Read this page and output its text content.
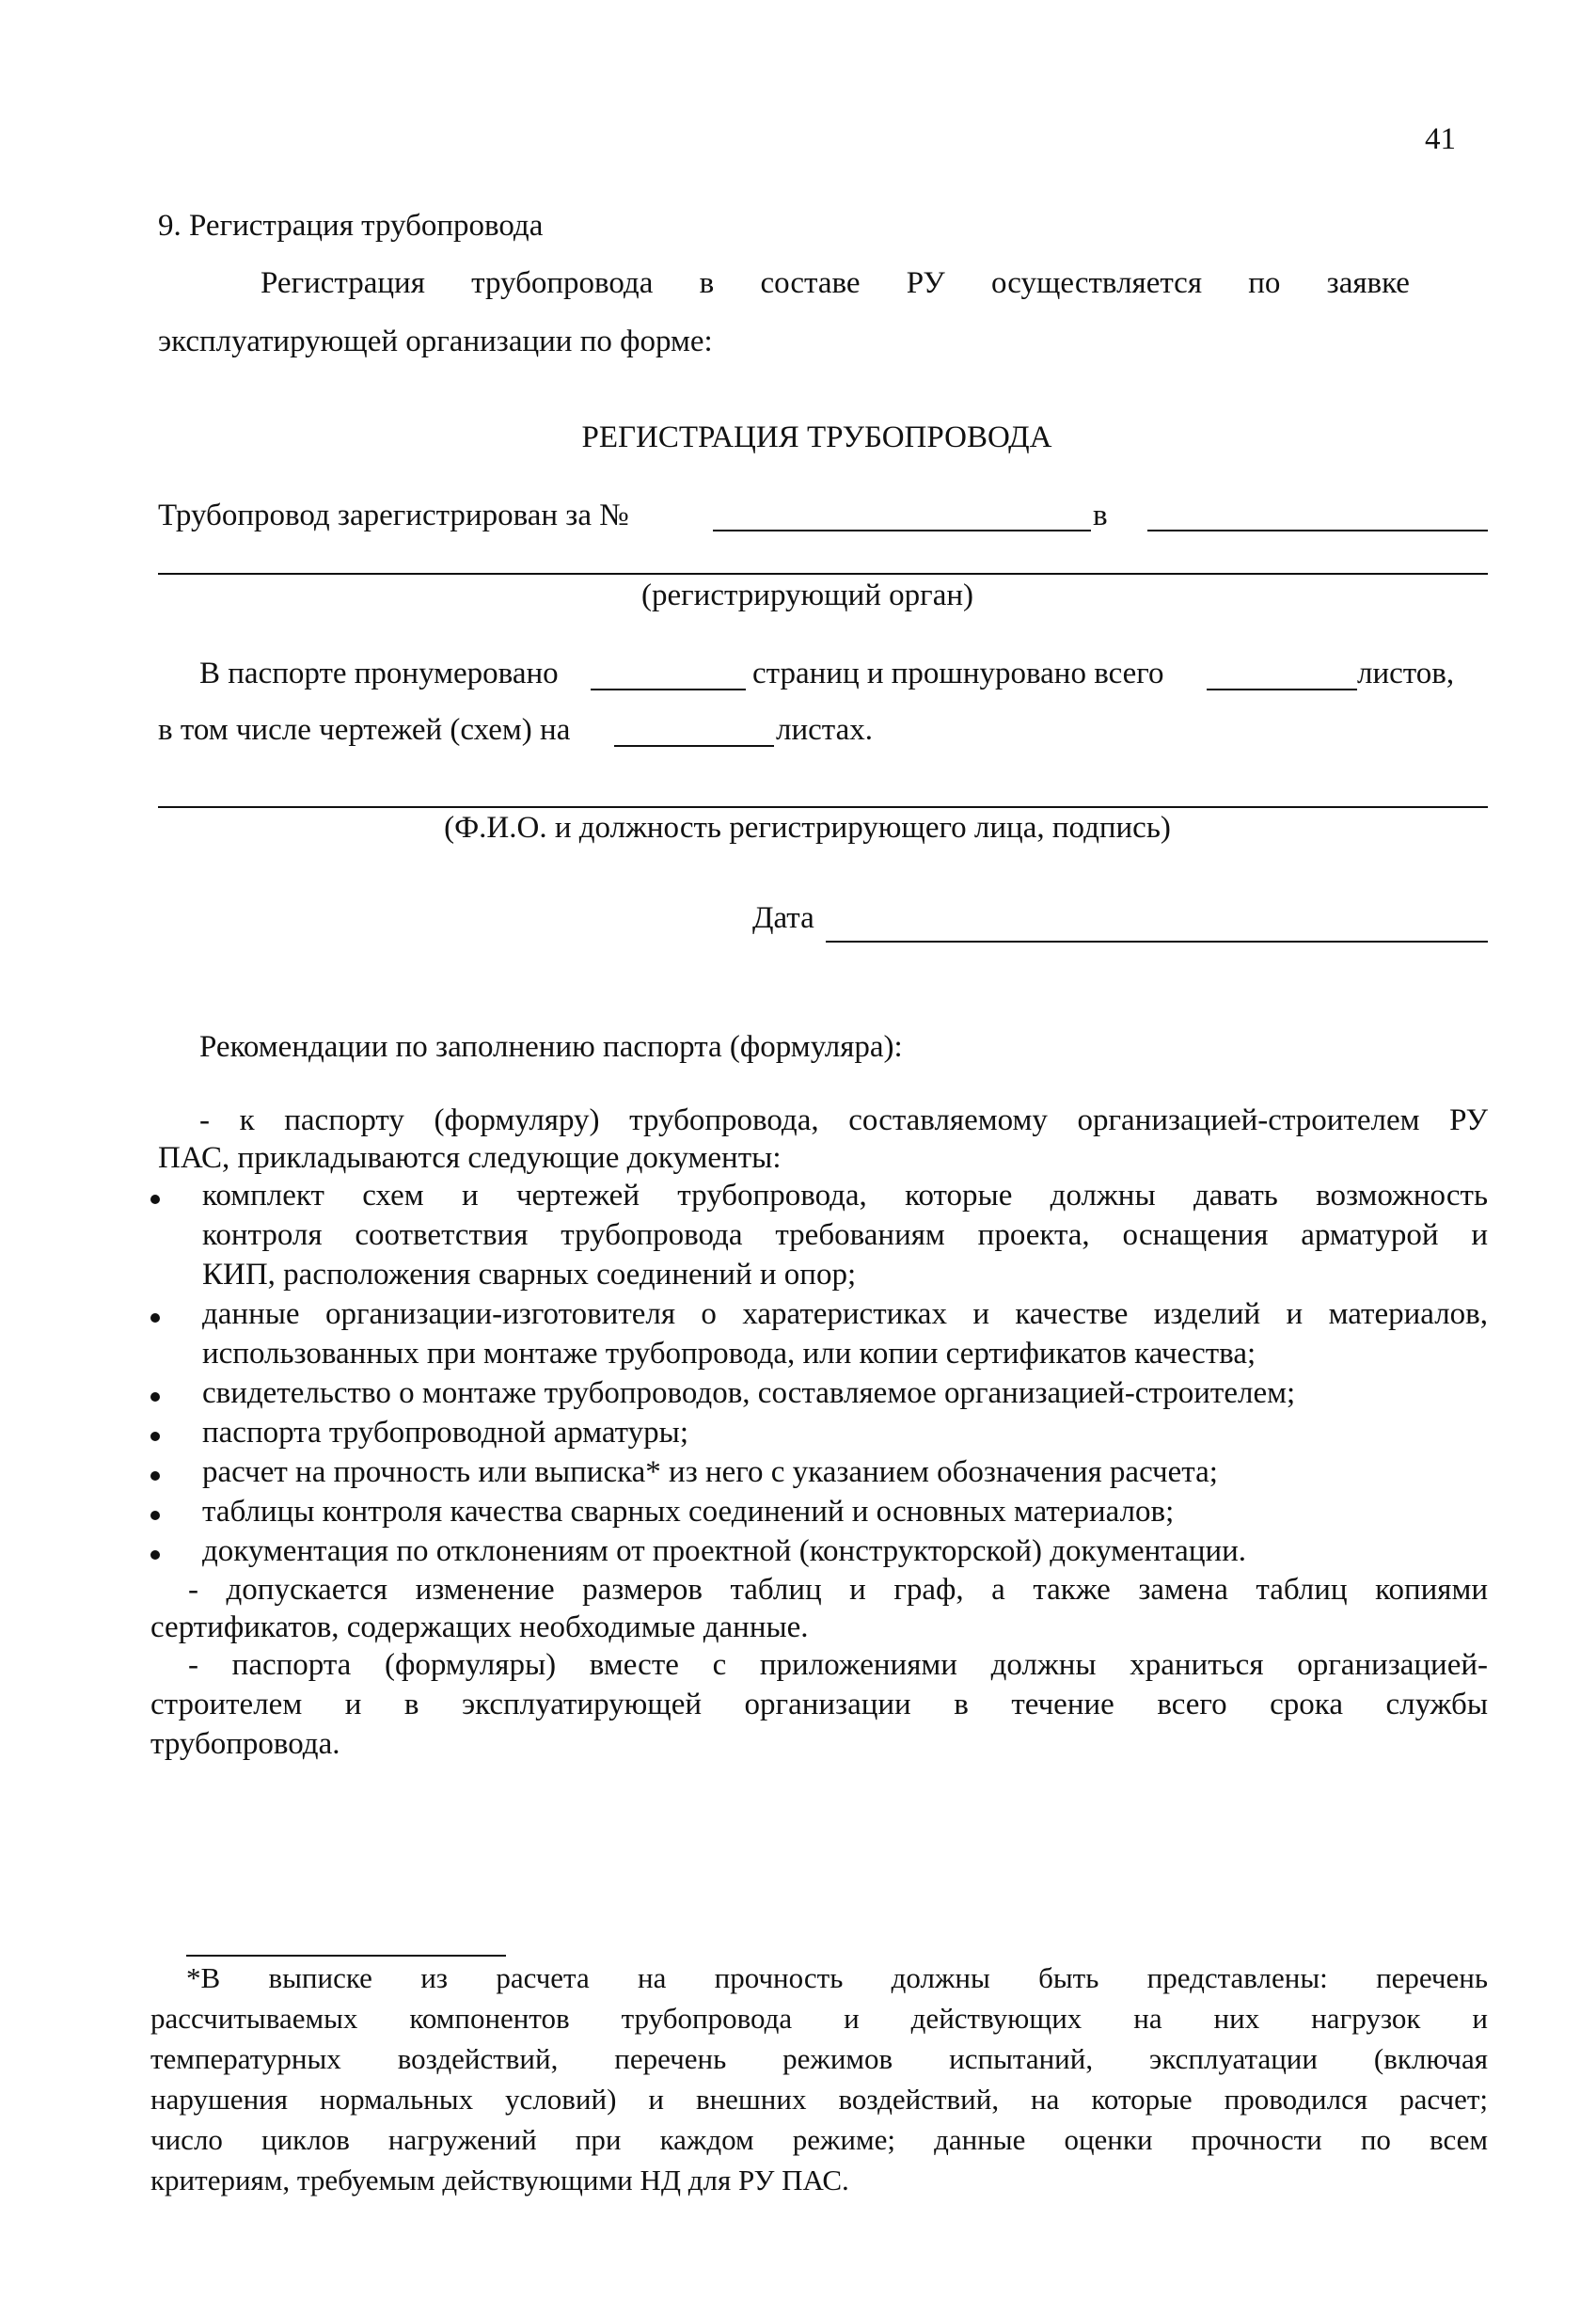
41
9. Регистрация трубопровода
Регистрация трубопровода в составе РУ осуществляется по заявке
эксплуатирующей организации по форме:
РЕГИСТРАЦИЯ ТРУБОПРОВОДА
Трубопровод зарегистрирован за №	в
(регистрирующий орган)
В паспорте пронумеровано	страниц и прошнуровано всего	листов,
в том числе чертежей (схем) на	листах.
(Ф.И.О. и должность регистрирующего лица, подпись)
Дата
Рекомендации по заполнению паспорта (формуляра):
- к паспорту (формуляру) трубопровода, составляемому организацией-строителем РУ
ПАС, прикладываются следующие документы:
комплект схем и чертежей трубопровода, которые должны давать возможность
контроля соответствия трубопровода требованиям проекта, оснащения арматурой и
КИП, расположения сварных соединений и опор;
данные организации-изготовителя о харатеристиках и качестве изделий и материалов,
использованных при монтаже трубопровода, или копии сертификатов качества;
свидетельство о монтаже трубопроводов, составляемое организацией-строителем;
паспорта трубопроводной арматуры;
расчет на прочность или выписка* из него с указанием обозначения расчета;
таблицы контроля качества сварных соединений и основных материалов;
документация по отклонениям от проектной (конструкторской) документации.
- допускается изменение размеров таблиц и граф, а также замена таблиц копиями
сертификатов, содержащих необходимые данные.
- паспорта (формуляры) вместе с приложениями должны храниться организацией-
строителем и в эксплуатирующей организации в течение всего срока службы
трубопровода.
*В выписке из расчета на прочность должны быть представлены: перечень
рассчитываемых компонентов трубопровода и действующих на них нагрузок и
температурных воздействий, перечень режимов испытаний, эксплуатации (включая
нарушения нормальных условий) и внешних воздействий, на которые проводился расчет;
число циклов нагружений при каждом режиме; данные оценки прочности по всем
критериям, требуемым действующими НД для РУ ПАС.
